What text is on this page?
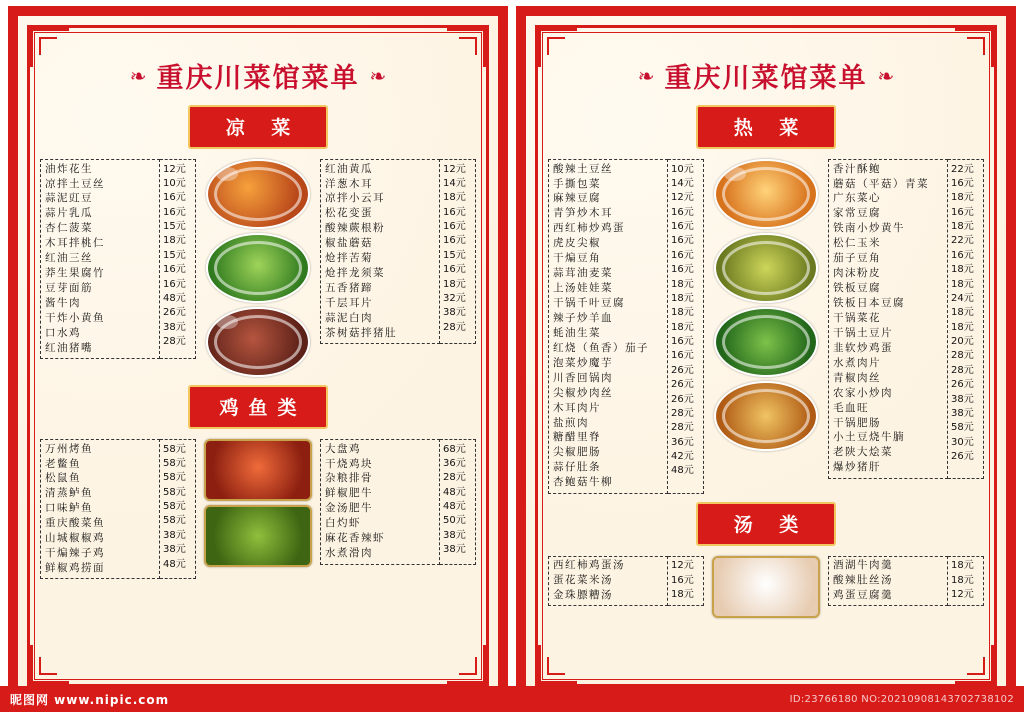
❧ 重庆川菜馆菜单 ❧
凉 菜
油炸花生
凉拌土豆丝
蒜泥豇豆
蒜片乳瓜
杏仁菠菜
木耳拌桃仁
红油三丝
莽生果腐竹
豆芽面筋
酱牛肉
干炸小黄鱼
口水鸡
红油猪嘴
12元
10元
16元
16元
15元
18元
15元
16元
16元
48元
26元
38元
28元
红油黄瓜
洋葱木耳
凉拌小云耳
松花变蛋
酸辣蕨根粉
椒盐蘑菇
炝拌苦菊
炝拌龙须菜
五香猪蹄
千层耳片
蒜泥白肉
茶树菇拌猪肚
12元
14元
18元
16元
16元
16元
15元
16元
18元
32元
38元
28元
鸡鱼类
万州烤鱼
老鳖鱼
松鼠鱼
清蒸鲈鱼
口味鲈鱼
重庆酸菜鱼
山城椒椒鸡
干煸辣子鸡
鲜椒鸡捞面
58元
58元
58元
58元
58元
58元
38元
38元
48元
大盘鸡
干烧鸡块
杂粮排骨
鲜椒肥牛
金汤肥牛
白灼虾
麻花香辣虾
水煮滑肉
68元
36元
28元
48元
48元
50元
38元
38元
❧ 重庆川菜馆菜单 ❧
热 菜
酸辣土豆丝
手撕包菜
麻辣豆腐
青笋炒木耳
西红柿炒鸡蛋
虎皮尖椒
干煸豆角
蒜茸油麦菜
上汤娃娃菜
干锅千叶豆腐
辣子炒羊血
蚝油生菜
红烧（鱼香）茄子
泡菜炒魔芋
川香回锅肉
尖椒炒肉丝
木耳肉片
盐煎肉
糖醋里脊
尖椒肥肠
蒜仔肚条
杏鲍菇牛柳
10元
14元
12元
16元
16元
16元
16元
16元
18元
18元
18元
18元
16元
16元
26元
26元
26元
28元
28元
36元
42元
48元
香汁酥鲍
蘑菇（平菇）青菜
广东菜心
家常豆腐
铁南小炒黄牛
松仁玉米
茄子豆角
肉沫粉皮
铁板豆腐
铁板日本豆腐
干锅菜花
干锅土豆片
韭软炒鸡蛋
水煮肉片
青椒肉丝
农家小炒肉
毛血旺
干锅肥肠
小土豆烧牛腩
老陕大烩菜
爆炒猪肝
22元
16元
18元
16元
18元
22元
16元
18元
18元
24元
18元
18元
20元
28元
28元
26元
38元
38元
58元
30元
26元
汤 类
西红柿鸡蛋汤
蛋花菜米汤
金珠膘糟汤
12元
16元
18元
酒湖牛肉羹
酸辣肚丝汤
鸡蛋豆腐羹
18元
18元
12元
昵图网 www.nipic.com	ID:23766180 NO:20210908143702738102
